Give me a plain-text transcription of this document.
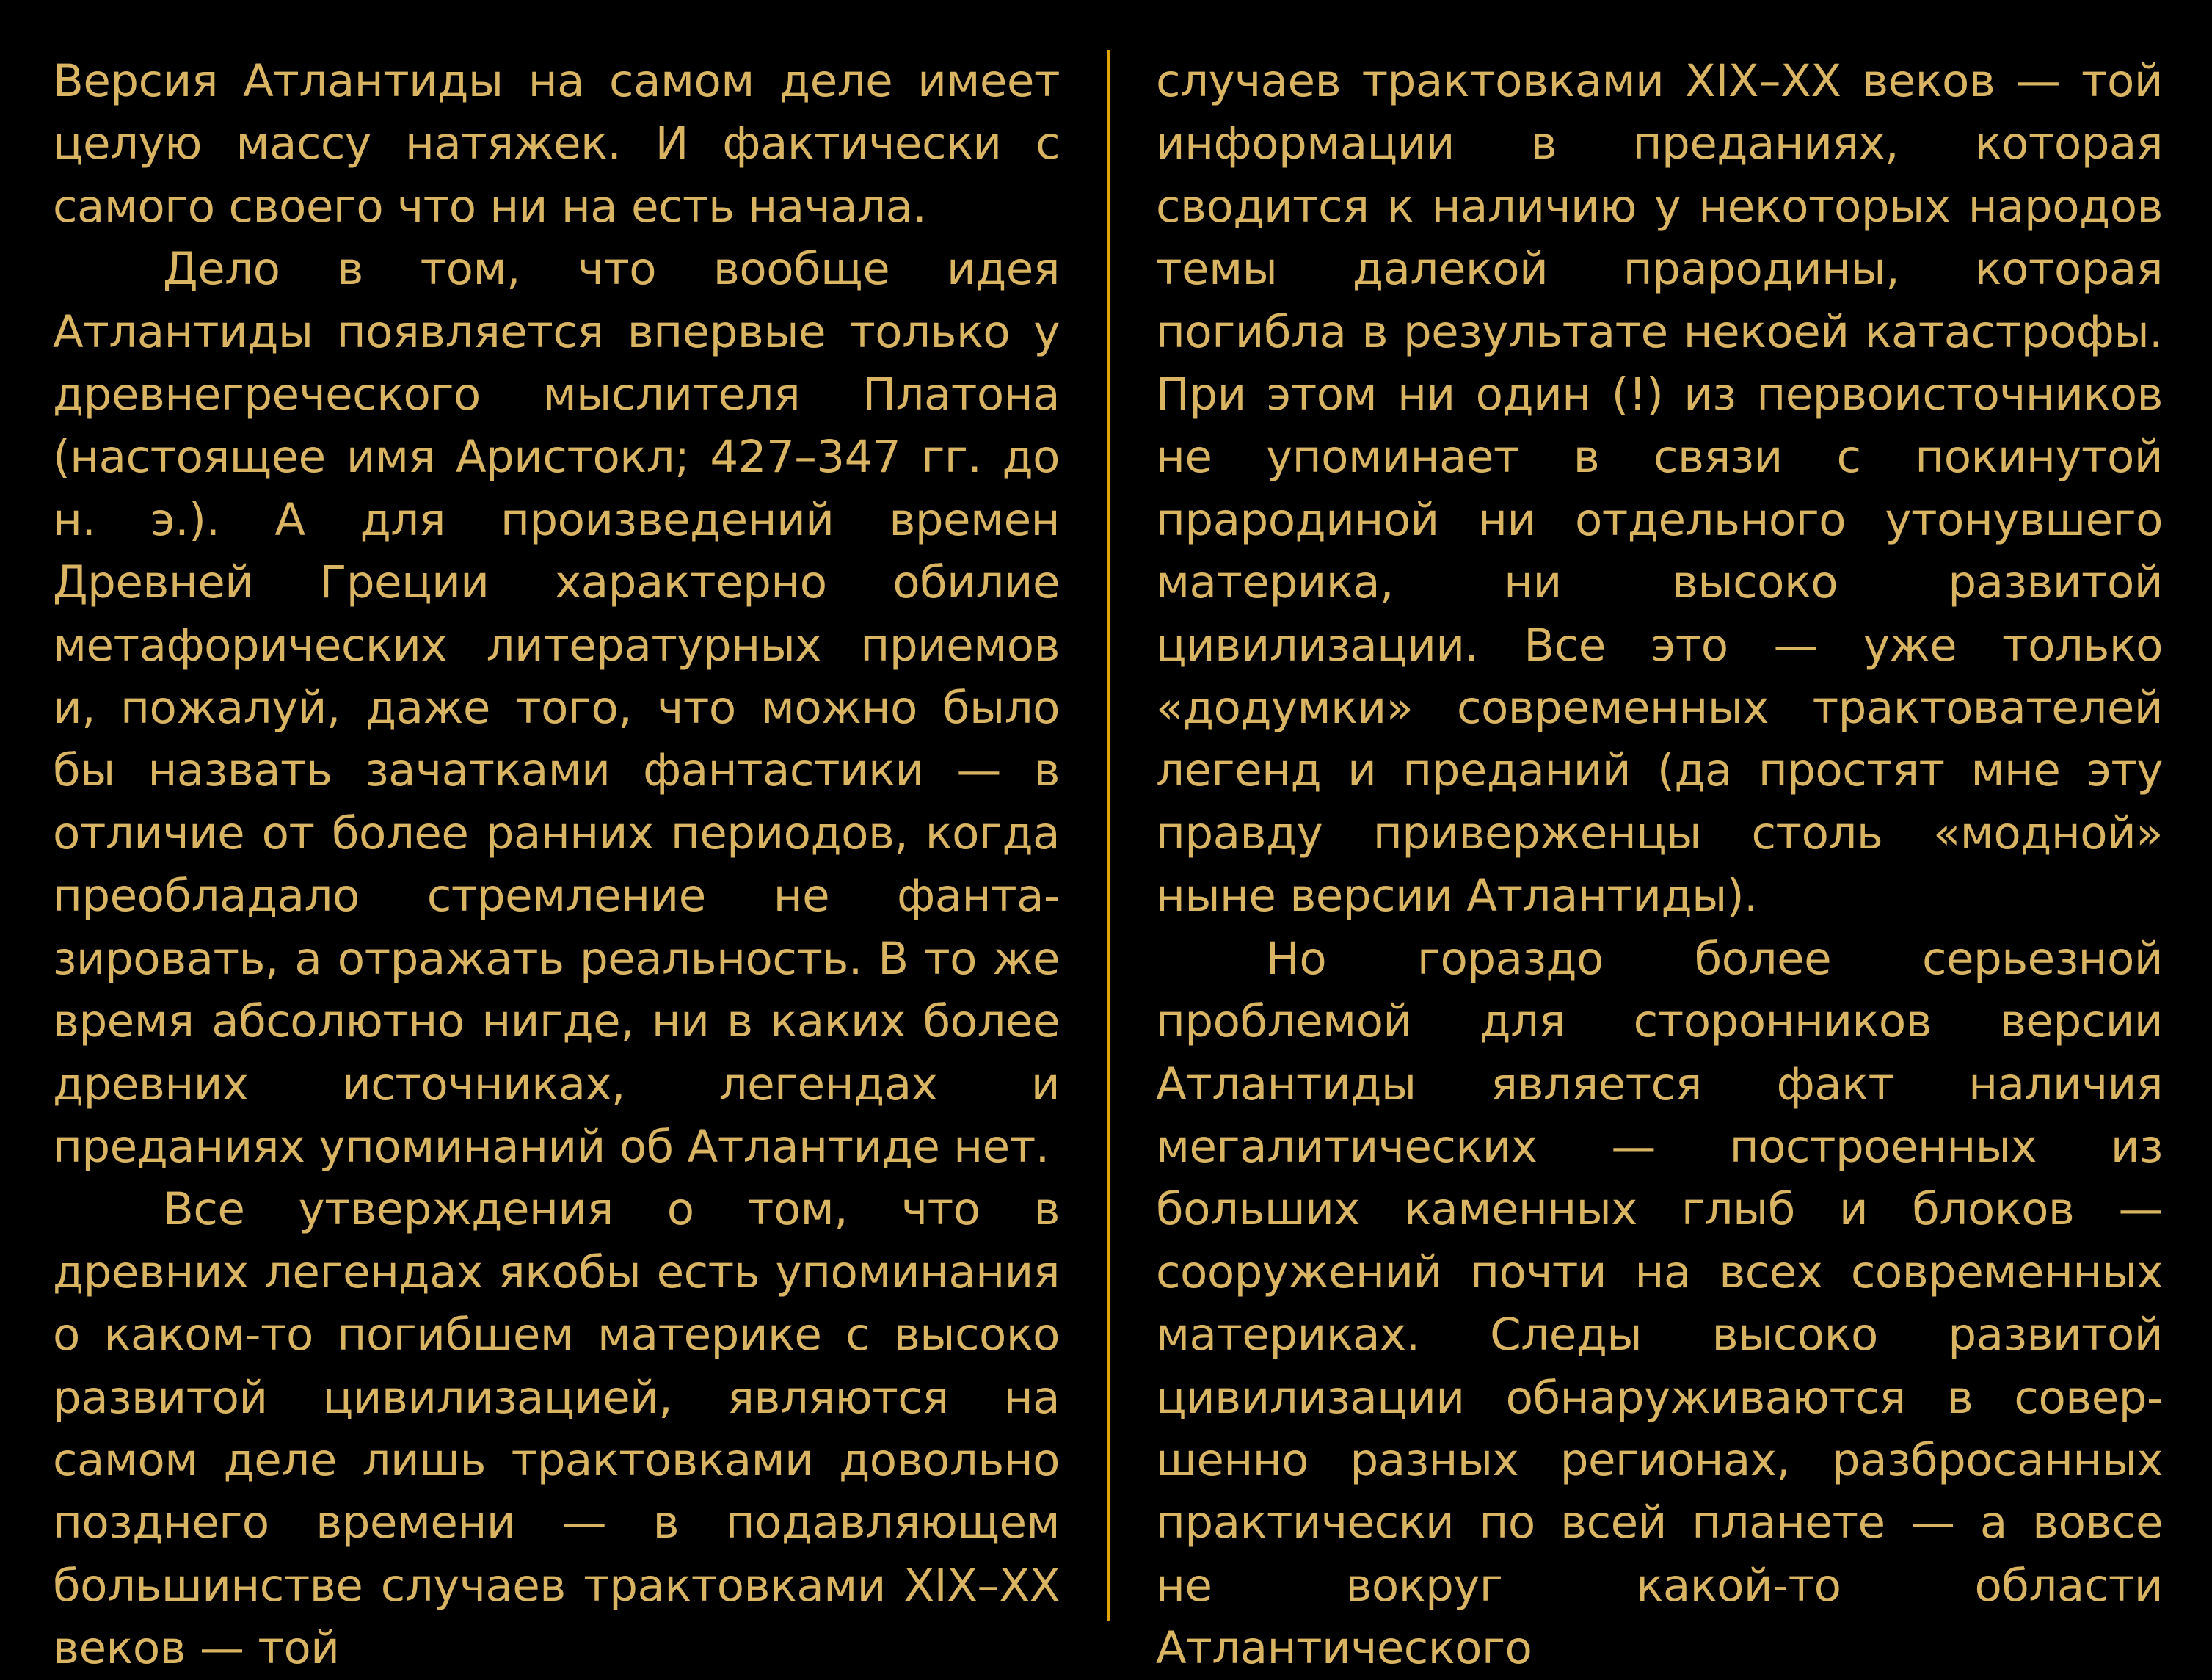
Версия Атлантиды на самом деле имеет целую массу натяжек. И фактически с самого своего что ни на есть начала.

Дело в том, что вообще идея Атлантиды появляется впервые только у древнегреческого мыслителя Платона (настоящее имя Аристокл; 427–347 гг. до н. э.). А для произведений времен Древней Греции характерно обилие метафорических литературных приемов и, пожалуй, даже того, что можно было бы назвать зачатками фантастики — в отличие от более ранних периодов, когда преобладало стремление не фантазировать, а отражать реальность. В то же время абсолютно нигде, ни в каких более древних источниках, легендах и преданиях упоминаний об Атлантиде нет.

Все утверждения о том, что в древних легендах якобы есть упоминания о каком-то погибшем материке с высоко развитой цивилизацией, являются на самом деле лишь трактовками довольно позднего времени — в подавляющем большинстве случаев трактовками XIX–XX веков — той

случаев трактовками XIX–XX веков — той информации в преданиях, которая сводится к наличию у некоторых народов темы далекой прародины, которая погибла в результате некоей катастрофы. При этом ни один (!) из первоисточников не упоминает в связи с покинутой прародиной ни отдельного утонувшего материка, ни высоко развитой цивилизации. Все это — уже только «додумки» современных трактователей легенд и преданий (да простят мне эту правду приверженцы столь «модной» ныне версии Атлантиды).

Но гораздо более серьезной проблемой для сторонников версии Атлантиды является факт наличия мегалитических — построенных из больших каменных глыб и блоков — сооружений почти на всех современных материках. Следы высоко развитой цивилизации обнаруживаются в совершенно разных регионах, разбросанных практически по всей планете — а вовсе не вокруг какой-то области Атлантического
